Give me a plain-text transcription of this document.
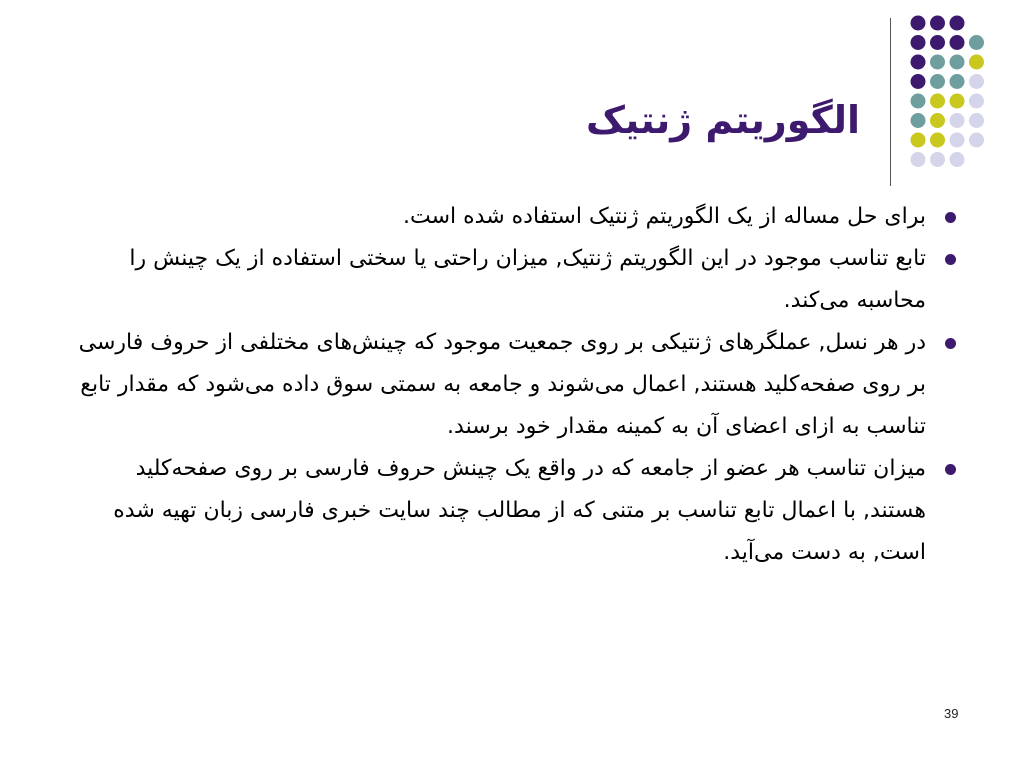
الگوریتم ژنتیک
برای حل مساله از یک الگوریتم ژنتیک استفاده شده است.
تابع تناسب موجود در این الگوریتم ژنتیک, میزان راحتی یا سختی استفاده از یک چینش را محاسبه می‌کند.
در هر نسل, عملگرهای ژنتیکی بر روی جمعیت موجود که چینش‌های مختلفی از حروف فارسی بر روی صفحه‌کلید هستند, اعمال می‌شوند و جامعه به سمتی سوق داده می‌شود که مقدار تابع تناسب به ازای اعضای آن به کمینه مقدار خود برسند.
میزان تناسب هر عضو از جامعه که در واقع یک چینش حروف فارسی بر روی صفحه‌کلید هستند, با اعمال تابع تناسب بر متنی که از مطالب چند سایت خبری فارسی زبان تهیه شده است, به دست می‌آید.
39
